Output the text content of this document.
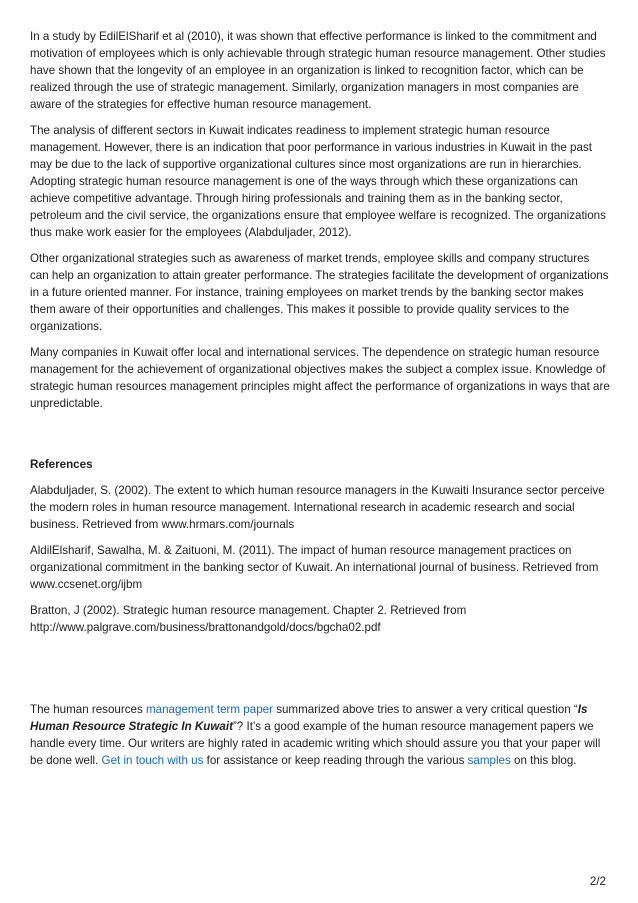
In a study by EdilElSharif et al (2010), it was shown that effective performance is linked to the commitment and motivation of employees which is only achievable through strategic human resource management. Other studies have shown that the longevity of an employee in an organization is linked to recognition factor, which can be realized through the use of strategic management. Similarly, organization managers in most companies are aware of the strategies for effective human resource management.

The analysis of different sectors in Kuwait indicates readiness to implement strategic human resource management. However, there is an indication that poor performance in various industries in Kuwait in the past may be due to the lack of supportive organizational cultures since most organizations are run in hierarchies. Adopting strategic human resource management is one of the ways through which these organizations can achieve competitive advantage. Through hiring professionals and training them as in the banking sector, petroleum and the civil service, the organizations ensure that employee welfare is recognized. The organizations thus make work easier for the employees (Alabduljader, 2012).

Other organizational strategies such as awareness of market trends, employee skills and company structures can help an organization to attain greater performance. The strategies facilitate the development of organizations in a future oriented manner. For instance, training employees on market trends by the banking sector makes them aware of their opportunities and challenges. This makes it possible to provide quality services to the organizations.

Many companies in Kuwait offer local and international services. The dependence on strategic human resource management for the achievement of organizational objectives makes the subject a complex issue. Knowledge of strategic human resources management principles might affect the performance of organizations in ways that are unpredictable.

References

Alabduljader, S. (2002). The extent to which human resource managers in the Kuwaiti Insurance sector perceive the modern roles in human resource management. International research in academic research and social business. Retrieved from www.hrmars.com/journals

AldilElsharif, Sawalha, M. & Zaituoni, M. (2011). The impact of human resource management practices on organizational commitment in the banking sector of Kuwait. An international journal of business. Retrieved from www.ccsenet.org/ijbm

Bratton, J (2002). Strategic human resource management. Chapter 2. Retrieved from http://www.palgrave.com/business/brattonandgold/docs/bgcha02.pdf

The human resources management term paper summarized above tries to answer a very critical question “Is Human Resource Strategic In Kuwait”? It’s a good example of the human resource management papers we handle every time. Our writers are highly rated in academic writing which should assure you that your paper will be done well. Get in touch with us for assistance or keep reading through the various samples on this blog.

2/2
